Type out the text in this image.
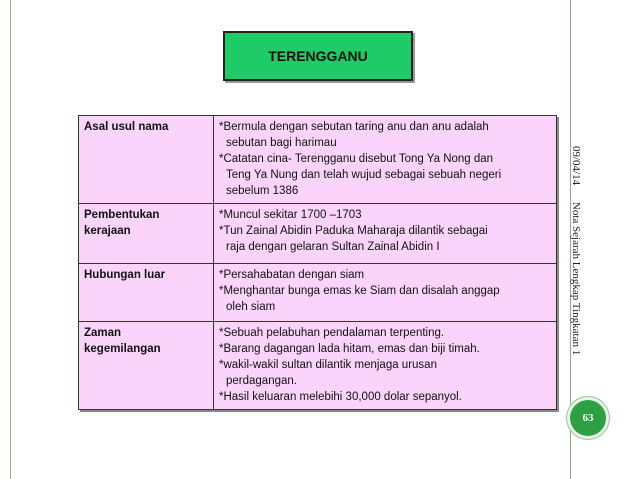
09/04/14 Nota Sejarah Lengkap Tingkatan 1
63
TERENGGANU
Asal usul nama	*Bermula dengan sebutan taring anu dan anu adalah
sebutan bagi harimau
*Catatan cina- Terengganu disebut Tong Ya Nong dan
Teng Ya Nung dan telah wujud sebagai sebuah negeri
sebelum 1386

Pembentukan
kerajaan	*Muncul sekitar 1700 –1703
*Tun Zainal Abidin Paduka Maharaja dilantik sebagai
raja dengan gelaran Sultan Zainal Abidin I

Hubungan luar	*Persahabatan dengan siam
*Menghantar bunga emas ke Siam dan disalah anggap
oleh siam

Zaman
kegemilangan	*Sebuah pelabuhan pendalaman terpenting.
*Barang dagangan lada hitam, emas dan biji timah.
*wakil-wakil sultan dilantik menjaga urusan
perdagangan.
*Hasil keluaran melebihi 30,000 dolar sepanyol.
